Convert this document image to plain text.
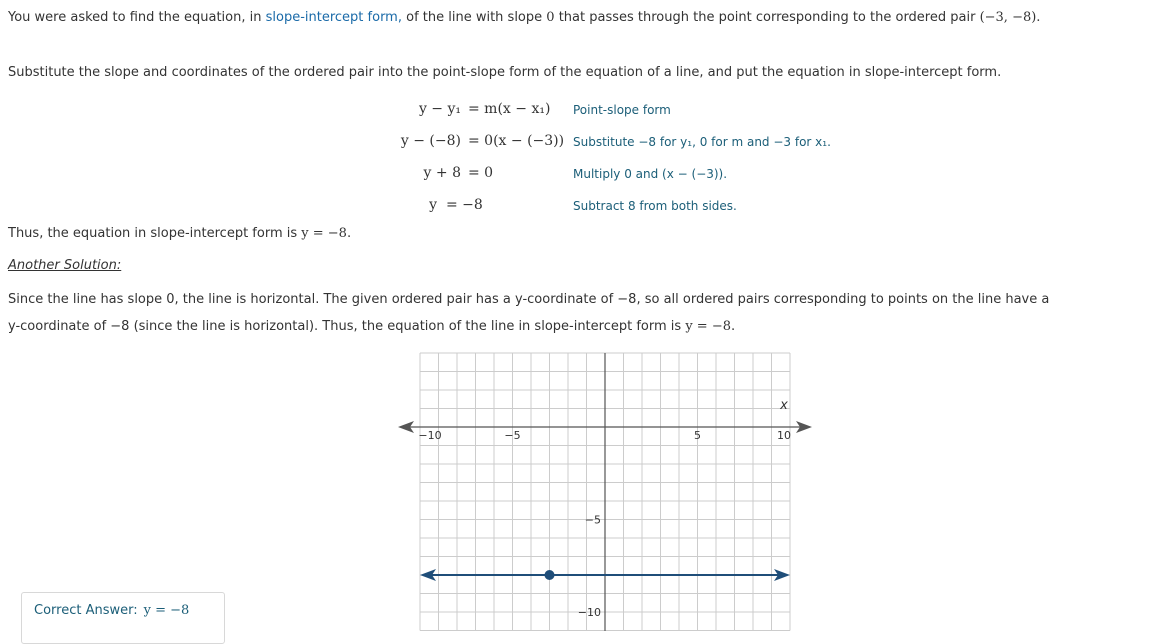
You were asked to find the equation, in slope-intercept form, of the line with slope 0 that passes through the point corresponding to the ordered pair (−3, −8).
Substitute the slope and coordinates of the ordered pair into the point-slope form of the equation of a line, and put the equation in slope-intercept form.
y − y₁ = m(x − x₁) Point-slope form
y − (−8) = 0(x − (−3)) Substitute −8 for y₁, 0 for m and −3 for x₁.
y + 8 = 0	Multiply 0 and (x − (−3)).
y = −8	Subtract 8 from both sides.
Thus, the equation in slope-intercept form is y = −8.
Another Solution:
Since the line has slope 0, the line is horizontal. The given ordered pair has a y-coordinate of −8, so all ordered pairs corresponding to points on the line have a
y-coordinate of −8 (since the line is horizontal). Thus, the equation of the line in slope-intercept form is y = −8.
−10	−5	5	10
x
−5
−10
Correct Answer: y = −8
